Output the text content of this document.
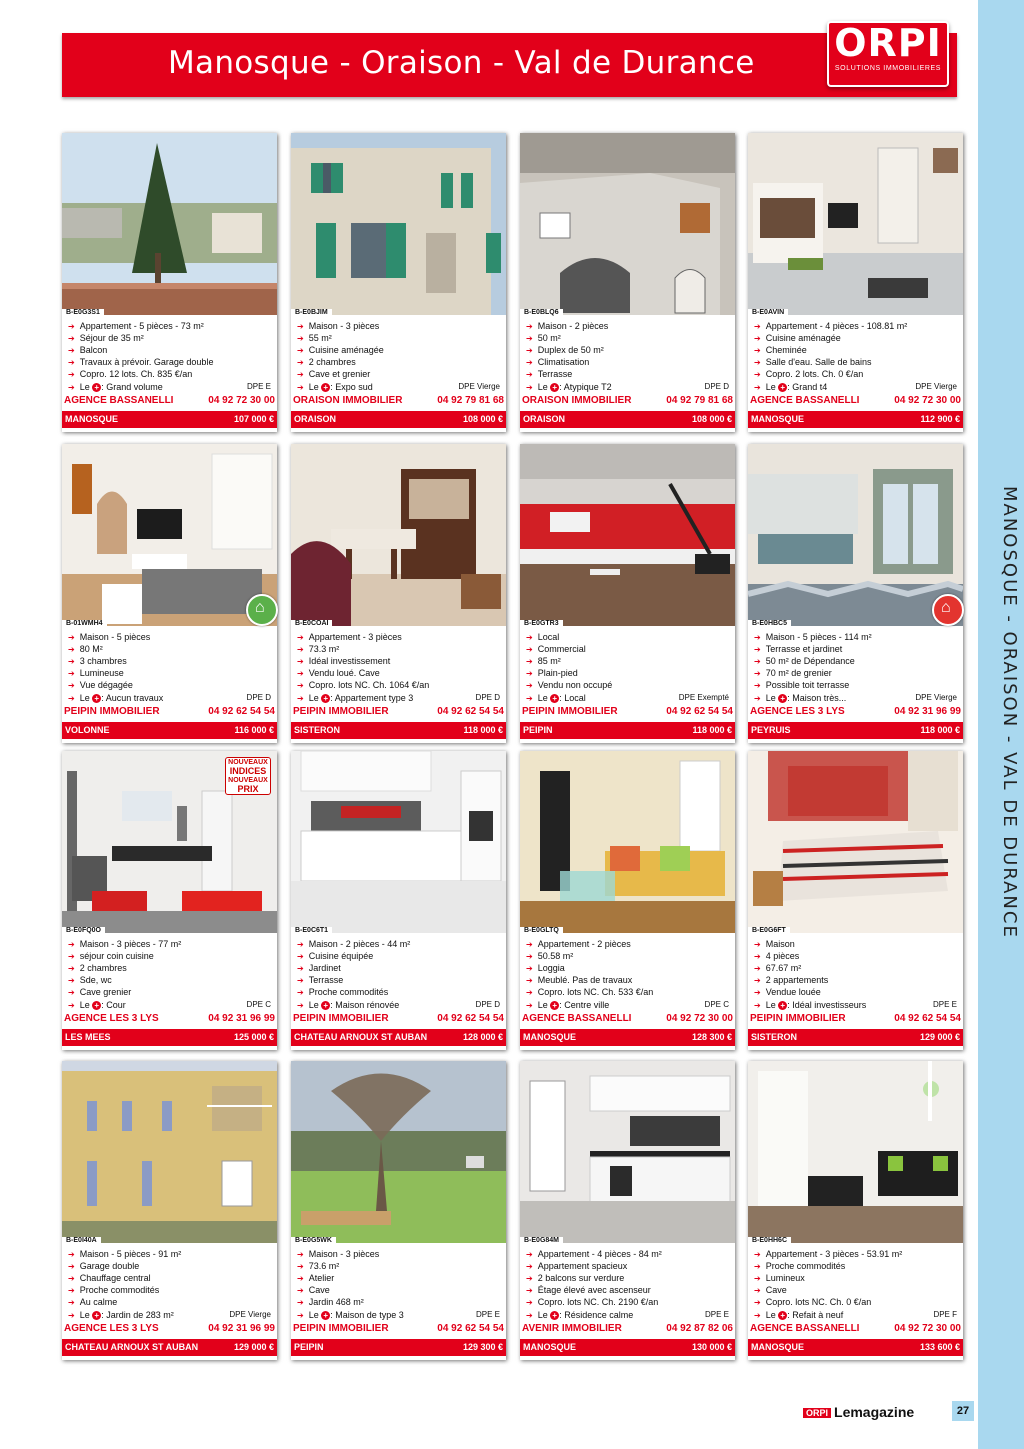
MANOSQUE - ORAISON - VAL DE DURANCE
Manosque - Oraison - Val de Durance ORPI
SOLUTIONS IMMOBILIERES
B-E0G3S1
➔ Appartement - 5 pièces - 73 m²
➔ Séjour de 35 m²
➔ Balcon
➔ Travaux à prévoir. Garage double
➔ Copro. 12 lots. Ch. 835 €/an
➔ Le + : Grand volume	DPE E
AGENCE BASSANELLI	04 92 72 30 00
MANOSQUE	107 000 €
B-E0BJIM
➔ Maison - 3 pièces
➔ 55 m²
➔ Cuisine aménagée
➔ 2 chambres
➔ Cave et grenier
➔ Le + : Expo sud	DPE Vierge
ORAISON IMMOBILIER	04 92 79 81 68
ORAISON	108 000 €
B-E0BLQ6
➔ Maison - 2 pièces
➔ 50 m²
➔ Duplex de 50 m²
➔ Climatisation
➔ Terrasse
➔ Le + : Atypique T2	DPE D
ORAISON IMMOBILIER	04 92 79 81 68
ORAISON	108 000 €
B-E0AVIN
➔ Appartement - 4 pièces - 108.81 m²
➔ Cuisine aménagée
➔ Cheminée
➔ Salle d'eau. Salle de bains
➔ Copro. 2 lots. Ch. 0 €/an
➔ Le + : Grand t4	DPE Vierge
AGENCE BASSANELLI	04 92 72 30 00
MANOSQUE	112 900 €
⌂
B-01WMH4
➔ Maison - 5 pièces
➔ 80 M²
➔ 3 chambres
➔ Lumineuse
➔ Vue dégagée
➔ Le + : Aucun travaux	DPE D
PEIPIN IMMOBILIER	04 92 62 54 54
VOLONNE	116 000 €
B-E0COAI
➔ Appartement - 3 pièces
➔ 73.3 m²
➔ Idéal investissement
➔ Vendu loué. Cave
➔ Copro. lots NC. Ch. 1064 €/an
➔ Le + : Appartement type 3	DPE D
PEIPIN IMMOBILIER	04 92 62 54 54
SISTERON	118 000 €
B-E0GTR3
➔ Local
➔ Commercial
➔ 85 m²
➔ Plain-pied
➔ Vendu non occupé
➔ Le + : Local	DPE Exempté
PEIPIN IMMOBILIER	04 92 62 54 54
PEIPIN	118 000 €
⌂
B-E0HBC5
➔ Maison - 5 pièces - 114 m²
➔ Terrasse et jardinet
➔ 50 m² de Dépendance
➔ 70 m² de grenier
➔ Possible toit terrasse
➔ Le + : Maison très...	DPE Vierge
AGENCE LES 3 LYS	04 92 31 96 99
PEYRUIS	118 000 €
NOUVEAUX
INDICES
NOUVEAUX
PRIX
B-E0FQ0O
➔ Maison - 3 pièces - 77 m²
➔ séjour coin cuisine
➔ 2 chambres
➔ Sde, wc
➔ Cave grenier
➔ Le + : Cour	DPE C
AGENCE LES 3 LYS	04 92 31 96 99
LES MEES	125 000 €
B-E0C6T1
➔ Maison - 2 pièces - 44 m²
➔ Cuisine équipée
➔ Jardinet
➔ Terrasse
➔ Proche commodités
➔ Le + : Maison rénovée	DPE D
PEIPIN IMMOBILIER	04 92 62 54 54
CHATEAU ARNOUX ST AUBAN	128 000 €
B-E0GLTQ
➔ Appartement - 2 pièces
➔ 50.58 m²
➔ Loggia
➔ Meublé. Pas de travaux
➔ Copro. lots NC. Ch. 533 €/an
➔ Le + : Centre ville	DPE C
AGENCE BASSANELLI	04 92 72 30 00
MANOSQUE	128 300 €
B-E0G6FT
➔ Maison
➔ 4 pièces
➔ 67.67 m²
➔ 2 appartements
➔ Vendue louée
➔ Le + : Idéal investisseurs	DPE E
PEIPIN IMMOBILIER	04 92 62 54 54
SISTERON	129 000 €
B-E0I40A
➔ Maison - 5 pièces - 91 m²
➔ Garage double
➔ Chauffage central
➔ Proche commodités
➔ Au calme
➔ Le + : Jardin de 283 m²	DPE Vierge
AGENCE LES 3 LYS	04 92 31 96 99
CHATEAU ARNOUX ST AUBAN	129 000 €
B-E0G5WK
➔ Maison - 3 pièces
➔ 73.6 m²
➔ Atelier
➔ Cave
➔ Jardin 468 m²
➔ Le + : Maison de type 3	DPE E
PEIPIN IMMOBILIER	04 92 62 54 54
PEIPIN	129 300 €
B-E0G84M
➔ Appartement - 4 pièces - 84 m²
➔ Appartement spacieux
➔ 2 balcons sur verdure
➔ Étage élevé avec ascenseur
➔ Copro. lots NC. Ch. 2190 €/an
➔ Le + : Résidence calme	DPE E
AVENIR IMMOBILIER	04 92 87 82 06
MANOSQUE	130 000 €
B-E0HH6C
➔ Appartement - 3 pièces - 53.91 m²
➔ Proche commodités
➔ Lumineux
➔ Cave
➔ Copro. lots NC. Ch. 0 €/an
➔ Le + : Refait à neuf	DPE F
AGENCE BASSANELLI	04 92 72 30 00
MANOSQUE	133 600 €
ORPI Lemagazine	27
